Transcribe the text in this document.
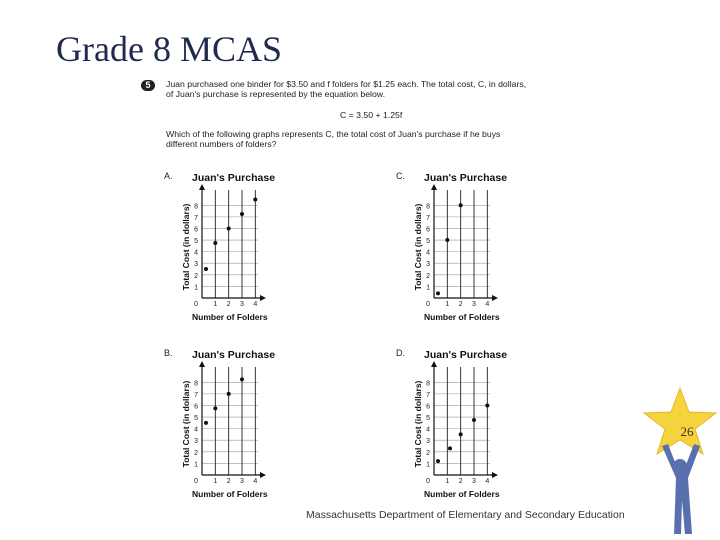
Grade 8 MCAS
5	Juan purchased one binder for $3.50 and f folders for $1.25 each. The total cost, C, in dollars,
of Juan's purchase is represented by the equation below.
C = 3.50 + 1.25f
Which of the following graphs represents C, the total cost of Juan's purchase if he buys
different numbers of folders?
A. Juan's Purchase
1
2
3
4
5
6
7
8
0 1 2 3 4
Number of Folders
Total Cost (in dollars)
C. Juan's Purchase
1
2
3
4
5
6
7
8
0 1 2 3 4
Number of Folders
Total Cost (in dollars)
B. Juan's Purchase
1
2
3
4
5
6
7
8
0 1 2 3 4
Number of Folders
Total Cost (in dollars)
D. Juan's Purchase
1
2
3
4
5
6
7
8
0 1 2 3 4
Number of Folders
Total Cost (in dollars)
Massachusetts Department of Elementary and Secondary Education
26
